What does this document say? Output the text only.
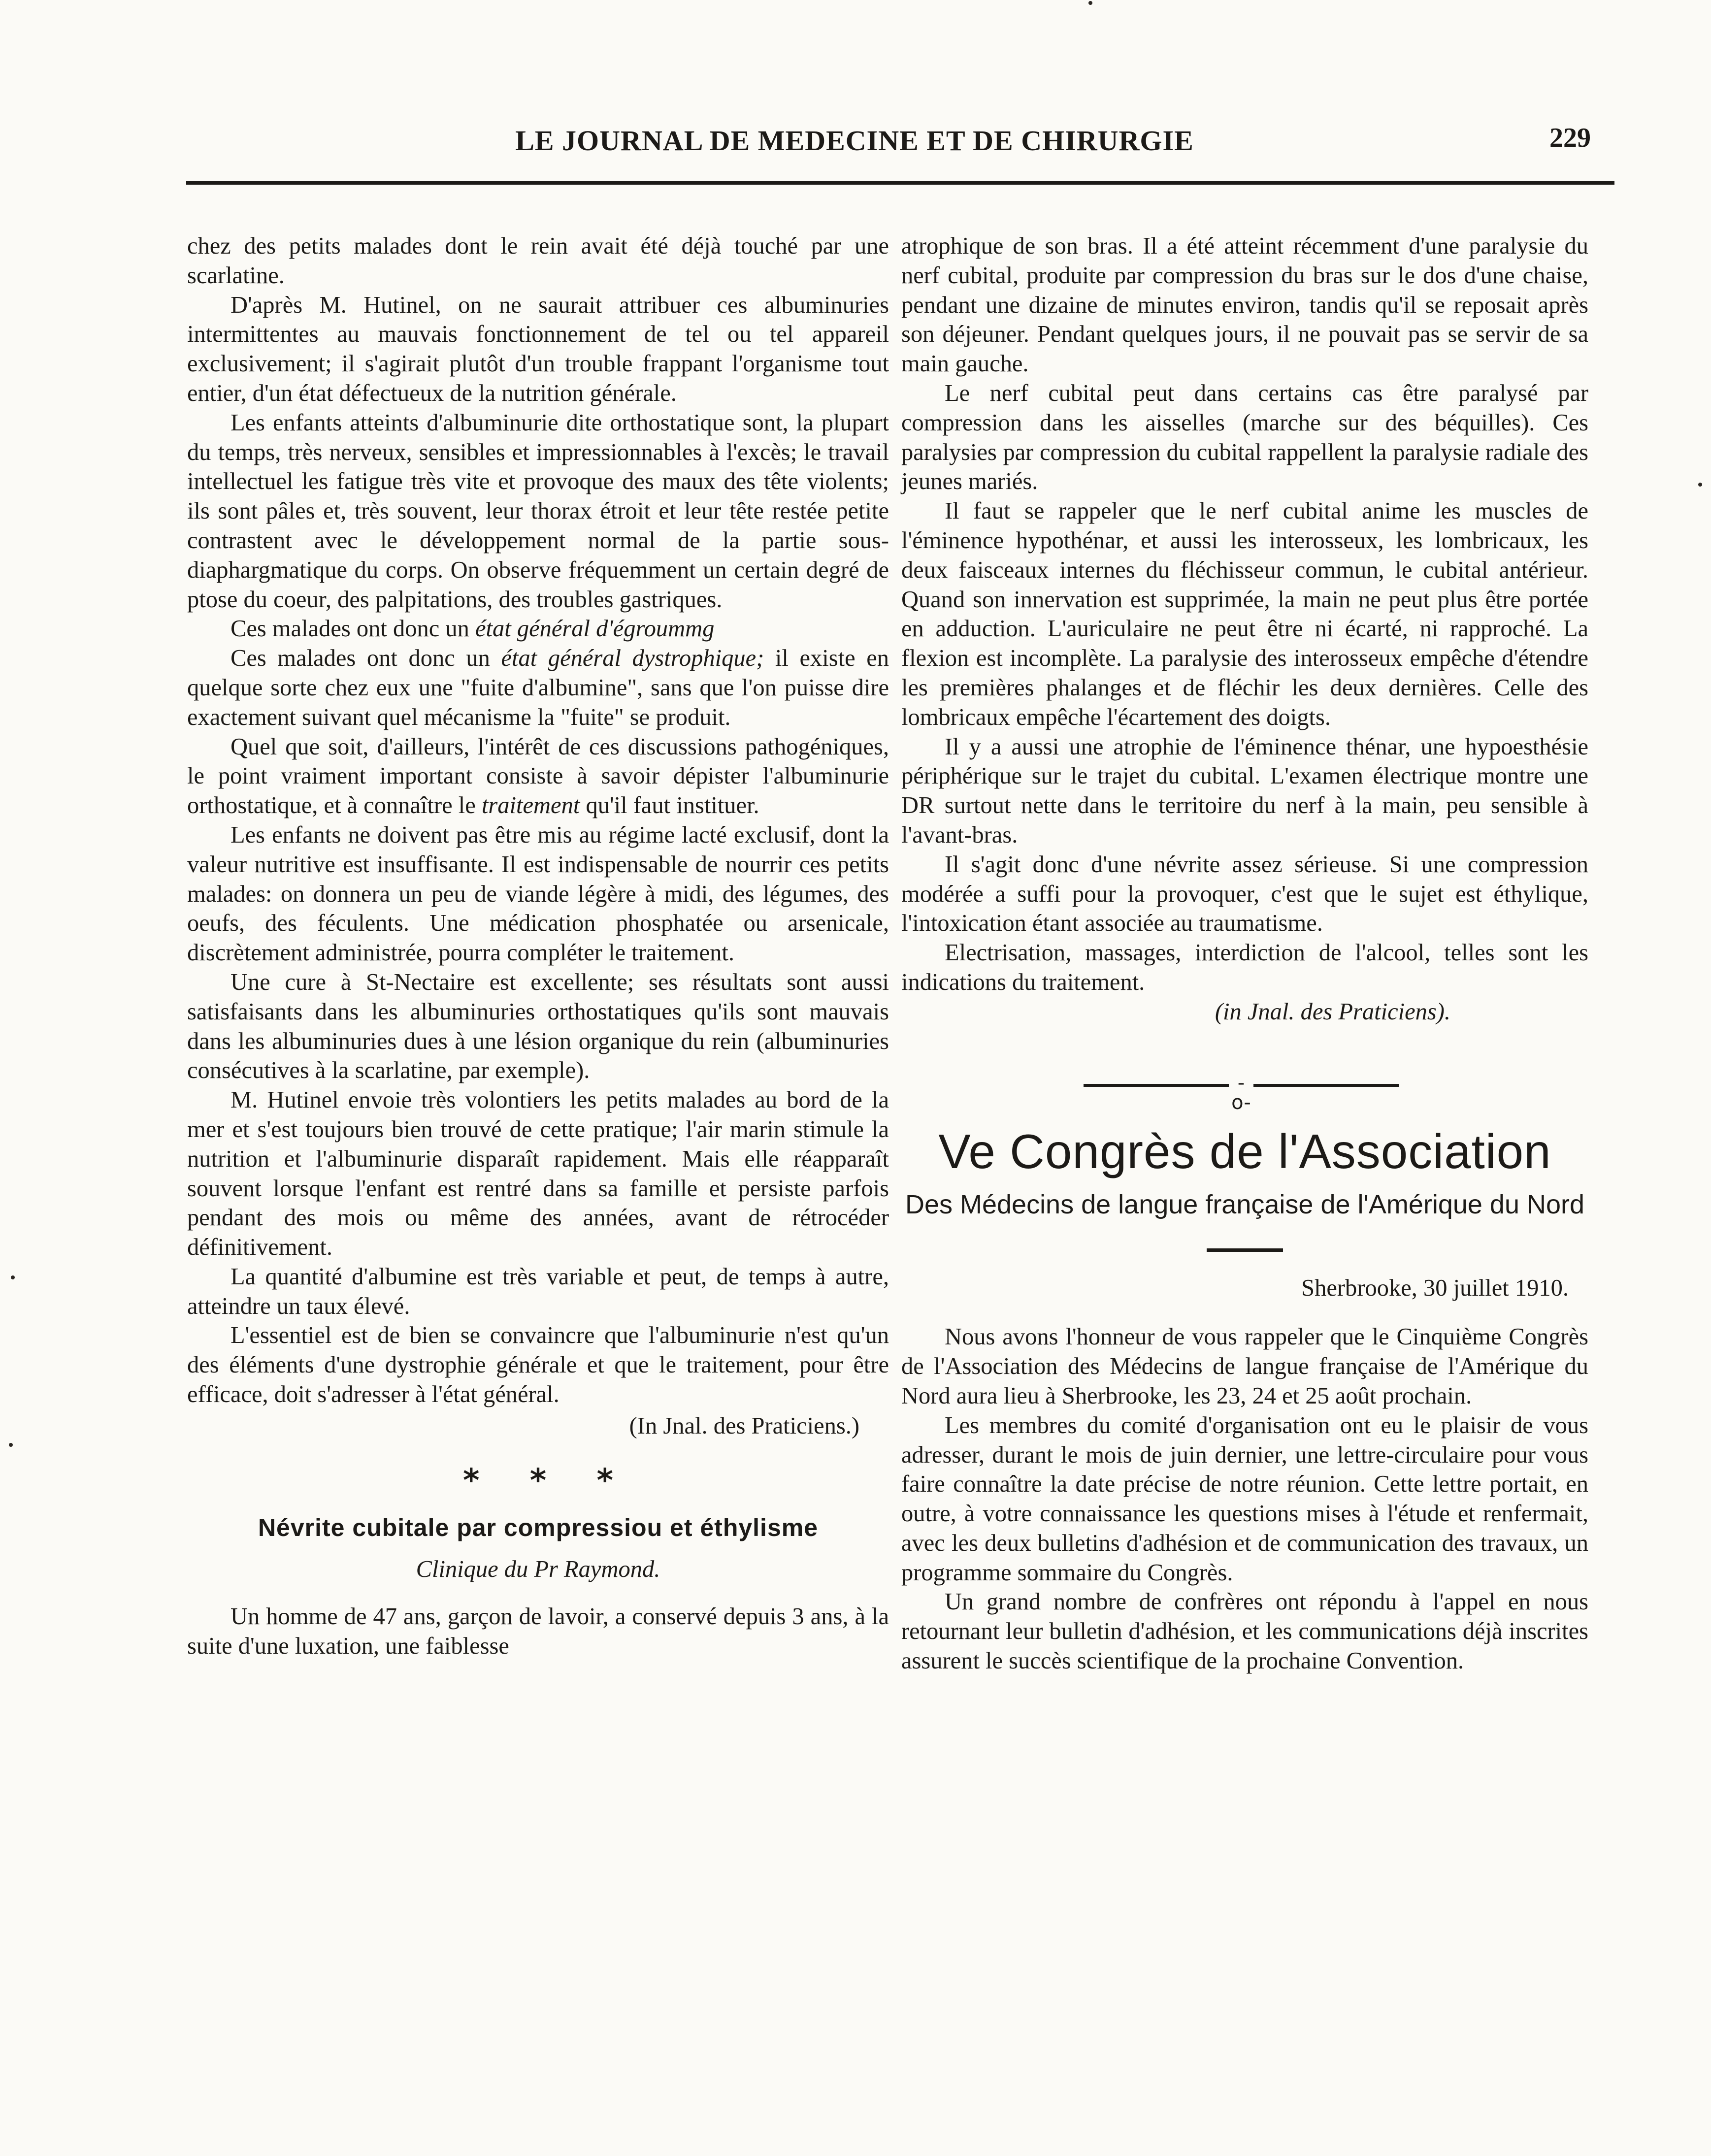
LE JOURNAL DE MEDECINE ET DE CHIRURGIE	229

chez des petits malades dont le rein avait été déjà touché par une scarlatine.

D'après M. Hutinel, on ne saurait attribuer ces albuminuries intermittentes au mauvais fonctionnement de tel ou tel appareil exclusivement; il s'agirait plutôt d'un trouble frappant l'organisme tout entier, d'un état défectueux de la nutrition générale.

Les enfants atteints d'albuminurie dite orthostatique sont, la plupart du temps, très nerveux, sensibles et impressionnables à l'excès; le travail intellectuel les fatigue très vite et provoque des maux des tête violents; ils sont pâles et, très souvent, leur thorax étroit et leur tête restée petite contrastent avec le développement normal de la partie sous-diaphargmatique du corps. On observe fréquemment un certain degré de ptose du coeur, des palpitations, des troubles gastriques.

Ces malades ont donc un état général d'égroummg

Ces malades ont donc un état général dystrophique; il existe en quelque sorte chez eux une "fuite d'albumine", sans que l'on puisse dire exactement suivant quel mécanisme la "fuite" se produit.

Quel que soit, d'ailleurs, l'intérêt de ces discussions pathogéniques, le point vraiment important consiste à savoir dépister l'albuminurie orthostatique, et à connaître le traitement qu'il faut instituer.

Les enfants ne doivent pas être mis au régime lacté exclusif, dont la valeur nutritive est insuffisante. Il est indispensable de nourrir ces petits malades: on donnera un peu de viande légère à midi, des légumes, des oeufs, des féculents. Une médication phosphatée ou arsenicale, discrètement administrée, pourra compléter le traitement.

Une cure à St-Nectaire est excellente; ses résultats sont aussi satisfaisants dans les albuminuries orthostatiques qu'ils sont mauvais dans les albuminuries dues à une lésion organique du rein (albuminuries consécutives à la scarlatine, par exemple).

M. Hutinel envoie très volontiers les petits malades au bord de la mer et s'est toujours bien trouvé de cette pratique; l'air marin stimule la nutrition et l'albuminurie disparaît rapidement. Mais elle réapparaît souvent lorsque l'enfant est rentré dans sa famille et persiste parfois pendant des mois ou même des années, avant de rétrocéder définitivement.

La quantité d'albumine est très variable et peut, de temps à autre, atteindre un taux élevé.

L'essentiel est de bien se convaincre que l'albuminurie n'est qu'un des éléments d'une dystrophie générale et que le traitement, pour être efficace, doit s'adresser à l'état général.

(In Jnal. des Praticiens.)

* * *
Névrite cubitale par compressiou et éthylisme
Clinique du Pr Raymond.

Un homme de 47 ans, garçon de lavoir, a conservé depuis 3 ans, à la suite d'une luxation, une faiblesse

atrophique de son bras. Il a été atteint récemment d'une paralysie du nerf cubital, produite par compression du bras sur le dos d'une chaise, pendant une dizaine de minutes environ, tandis qu'il se reposait après son déjeuner. Pendant quelques jours, il ne pouvait pas se servir de sa main gauche.

Le nerf cubital peut dans certains cas être paralysé par compression dans les aisselles (marche sur des béquilles). Ces paralysies par compression du cubital rappellent la paralysie radiale des jeunes mariés.

Il faut se rappeler que le nerf cubital anime les muscles de l'éminence hypothénar, et aussi les interosseux, les lombricaux, les deux faisceaux internes du fléchisseur commun, le cubital antérieur. Quand son innervation est supprimée, la main ne peut plus être portée en adduction. L'auriculaire ne peut être ni écarté, ni rapproché. La flexion est incomplète. La paralysie des interosseux empêche d'étendre les premières phalanges et de fléchir les deux dernières. Celle des lombricaux empêche l'écartement des doigts.

Il y a aussi une atrophie de l'éminence thénar, une hypoesthésie périphérique sur le trajet du cubital. L'examen électrique montre une DR surtout nette dans le territoire du nerf à la main, peu sensible à l'avant-bras.

Il s'agit donc d'une névrite assez sérieuse. Si une compression modérée a suffi pour la provoquer, c'est que le sujet est éthylique, l'intoxication étant associée au traumatisme.

Electrisation, massages, interdiction de l'alcool, telles sont les indications du traitement.

(in Jnal. des Praticiens).

-o-
Ve Congrès de l'Association
Des Médecins de langue française de l'Amérique du Nord

Sherbrooke, 30 juillet 1910.

Nous avons l'honneur de vous rappeler que le Cinquième Congrès de l'Association des Médecins de langue française de l'Amérique du Nord aura lieu à Sherbrooke, les 23, 24 et 25 août prochain.

Les membres du comité d'organisation ont eu le plaisir de vous adresser, durant le mois de juin dernier, une lettre-circulaire pour vous faire connaître la date précise de notre réunion. Cette lettre portait, en outre, à votre connaissance les questions mises à l'étude et renfermait, avec les deux bulletins d'adhésion et de communication des travaux, un programme sommaire du Congrès.

Un grand nombre de confrères ont répondu à l'appel en nous retournant leur bulletin d'adhésion, et les communications déjà inscrites assurent le succès scientifique de la prochaine Convention.
